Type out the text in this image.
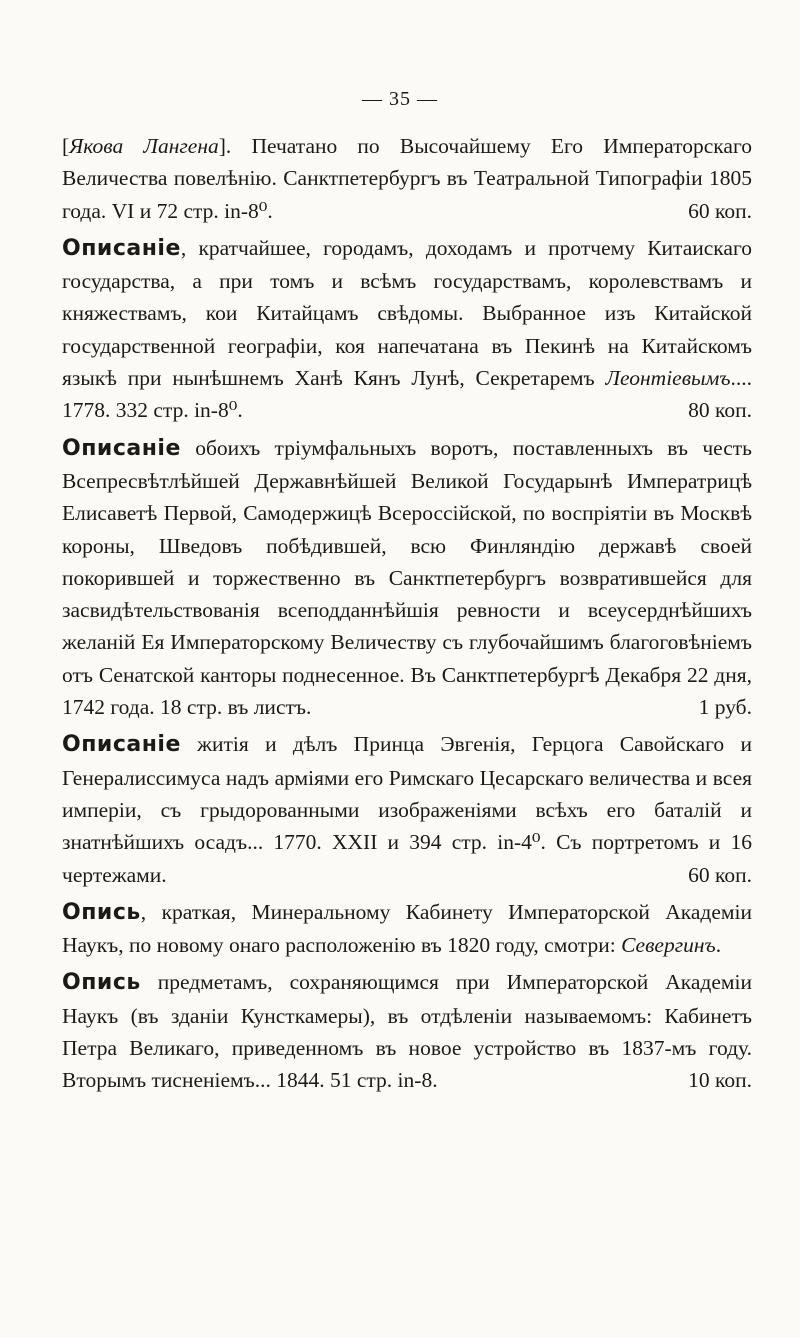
— 35 —

[Якова Лангена]. Печатано по Высочайшему Его Императорскаго Величества повелѣнію. Санктпетербургъ въ Театральной Типографіи 1805 года. VI и 72 стр. in-8⁰.	60 коп.

Описаніе, кратчайшее, городамъ, доходамъ и протчему Китаискаго государства, а при томъ и всѣмъ государствамъ, королевствамъ и княжествамъ, кои Китайцамъ свѣдомы. Выбранное изъ Китайской государственной географіи, коя напечатана въ Пекинѣ на Китайскомъ языкѣ при нынѣшнемъ Ханѣ Кянъ Лунѣ, Секретаремъ Леонтіевымъ.... 1778. 332 стр. in-8⁰.	80 коп.

Описаніе обоихъ тріумфальныхъ воротъ, поставленныхъ въ честь Всепресвѣтлѣйшей Державнѣйшей Великой Государынѣ Императрицѣ Елисаветѣ Первой, Самодержицѣ Всероссійской, по воспріятіи въ Москвѣ короны, Шведовъ побѣдившей, всю Финляндію державѣ своей покорившей и торжественно въ Санктпетербургъ возвратившейся для засвидѣтельствованія всеподданнѣйшія ревности и всеусерднѣйшихъ желаній Ея Императорскому Величеству съ глубочайшимъ благоговѣніемъ отъ Сенатской канторы поднесенное. Въ Санктпетербургѣ Декабря 22 дня, 1742 года. 18 стр. въ листъ.	1 руб.

Описаніе житія и дѣлъ Принца Эвгенія, Герцога Савойскаго и Генералиссимуса надъ арміями его Римскаго Цесарскаго величества и всея имперіи, съ грыдорованными изображеніями всѣхъ его баталій и знатнѣйшихъ осадъ... 1770. XXII и 394 стр. in-4⁰. Съ портретомъ и 16 чертежами.	60 коп.

Опись, краткая, Минеральному Кабинету Императорской Академіи Наукъ, по новому онаго расположенію въ 1820 году, смотри: Севергинъ.

Опись предметамъ, сохраняющимся при Императорской Академіи Наукъ (въ зданіи Кунсткамеры), въ отдѣленіи называемомъ: Кабинетъ Петра Великаго, приведенномъ въ новое устройство въ 1837-мъ году. Вторымъ тисненіемъ... 1844. 51 стр. in-8.	10 коп.
